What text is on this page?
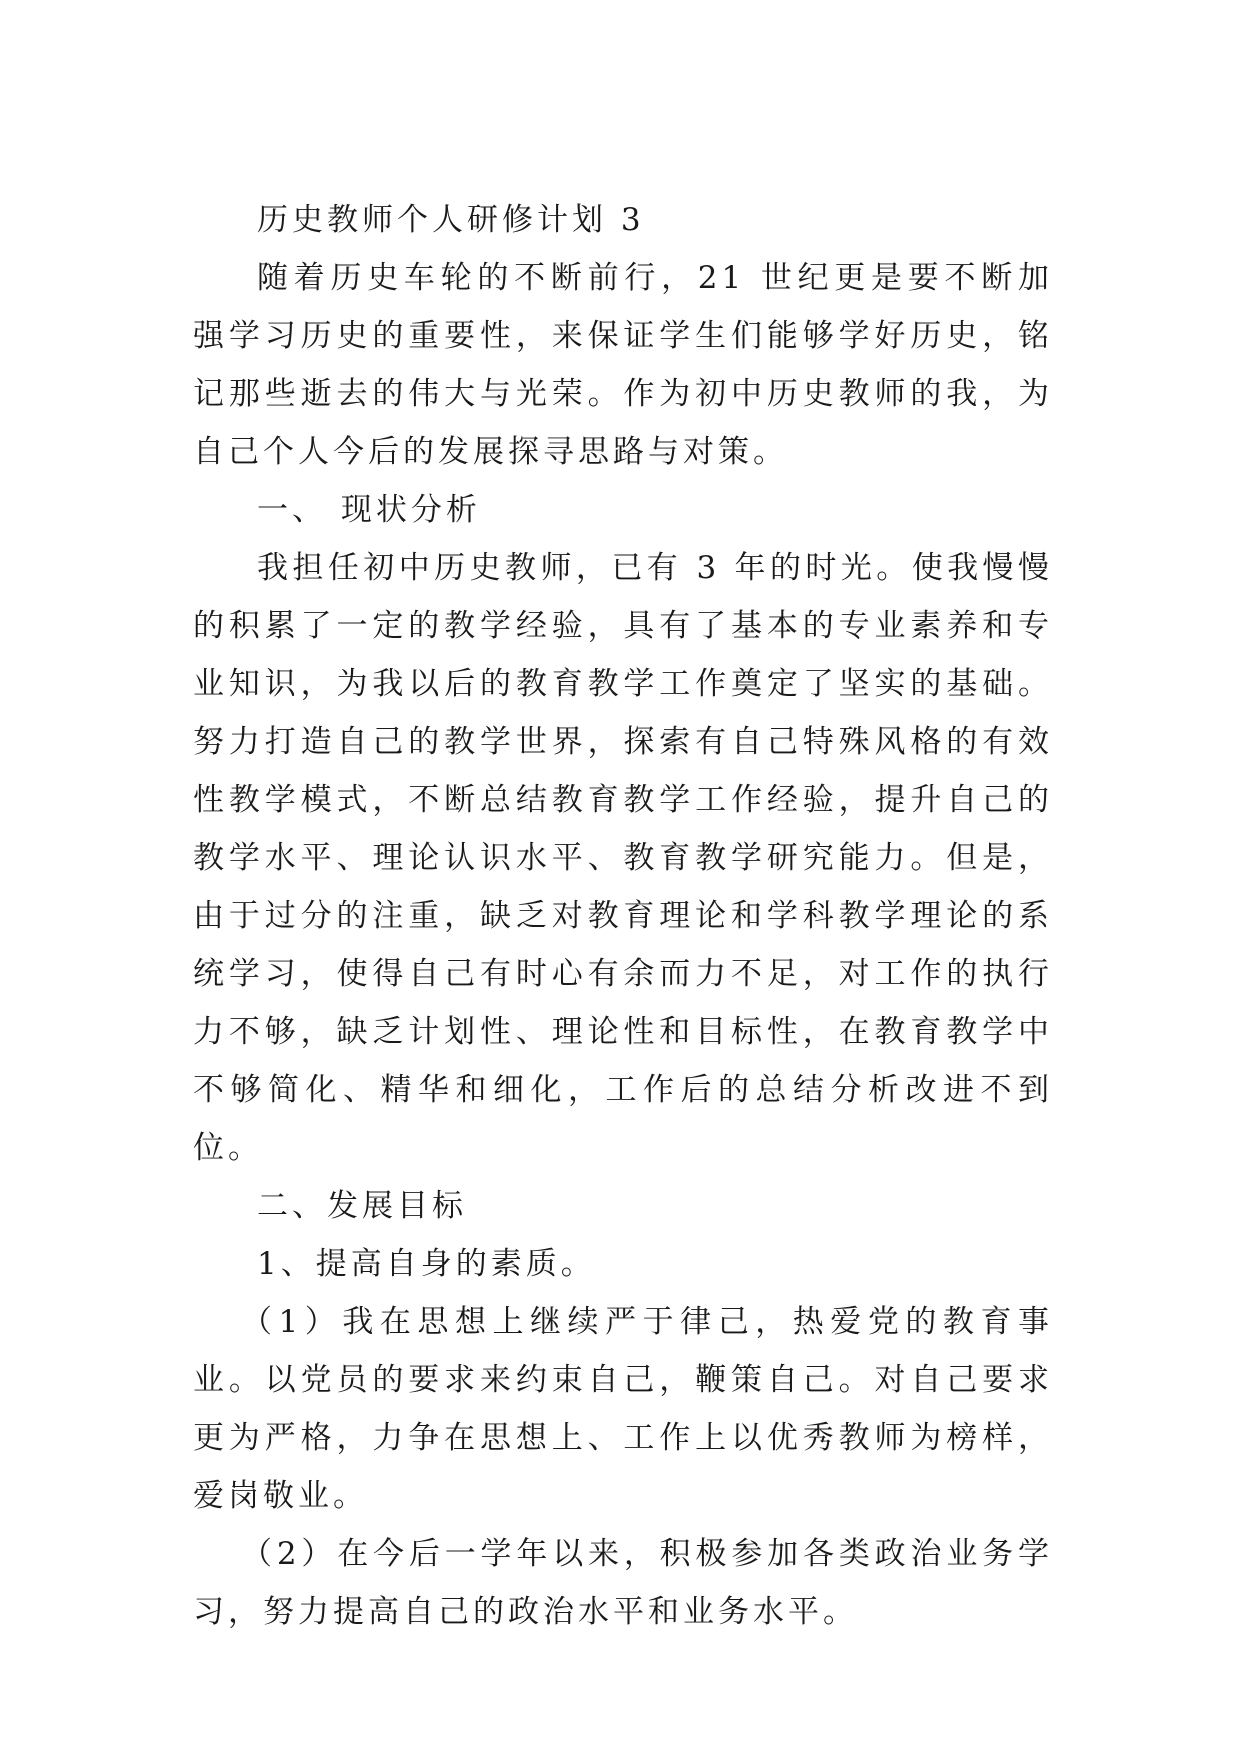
历史教师个人研修计划 3

随着历史车轮的不断前行，21 世纪更是要不断加强学习历史的重要性，来保证学生们能够学好历史，铭记那些逝去的伟大与光荣。作为初中历史教师的我，为自己个人今后的发展探寻思路与对策。

一、 现状分析

我担任初中历史教师，已有 3 年的时光。使我慢慢的积累了一定的教学经验，具有了基本的专业素养和专业知识，为我以后的教育教学工作奠定了坚实的基础。努力打造自己的教学世界，探索有自己特殊风格的有效性教学模式，不断总结教育教学工作经验，提升自己的教学水平、理论认识水平、教育教学研究能力。但是，由于过分的注重，缺乏对教育理论和学科教学理论的系统学习，使得自己有时心有余而力不足，对工作的执行力不够，缺乏计划性、理论性和目标性，在教育教学中不够简化、精华和细化，工作后的总结分析改进不到位。

二、发展目标

1、提高自身的素质。

（1）我在思想上继续严于律己，热爱党的教育事业。以党员的要求来约束自己，鞭策自己。对自己要求更为严格，力争在思想上、工作上以优秀教师为榜样，爱岗敬业。

（2）在今后一学年以来，积极参加各类政治业务学习，努力提高自己的政治水平和业务水平。
